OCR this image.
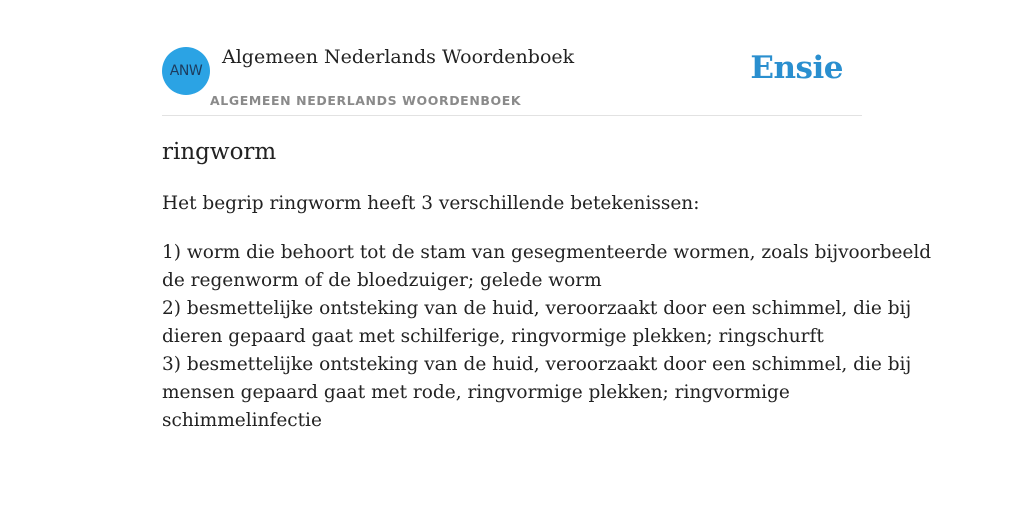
ANW
Algemeen Nederlands Woordenboek
ALGEMEEN NEDERLANDS WOORDENBOEK
Ensie
ringworm

Het begrip ringworm heeft 3 verschillende betekenissen:

1) worm die behoort tot de stam van gesegmenteerde wormen, zoals bijvoorbeeld
de regenworm of de bloedzuiger; gelede worm
2) besmettelijke ontsteking van de huid, veroorzaakt door een schimmel, die bij
dieren gepaard gaat met schilferige, ringvormige plekken; ringschurft
3) besmettelijke ontsteking van de huid, veroorzaakt door een schimmel, die bij
mensen gepaard gaat met rode, ringvormige plekken; ringvormige
schimmelinfectie
